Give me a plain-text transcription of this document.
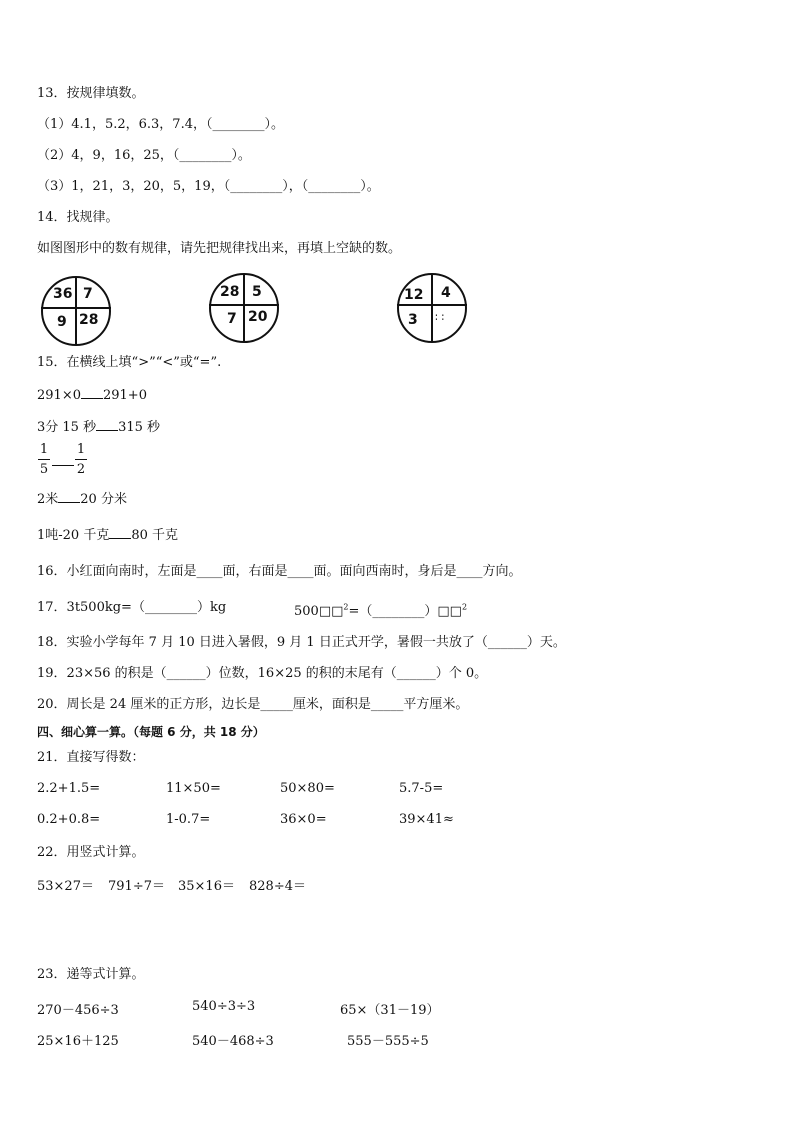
13．按规律填数。
（1）4.1，5.2，6.3，7.4，（________）。
（2）4，9，16，25，（________）。
（3）1，21，3，20，5，19，（________），（________）。
14．找规律。
如图图形中的数有规律，请先把规律找出来，再填上空缺的数。
36 7
9 28
28 5
7 20
12 4
3 ∶ ∶
15．在横线上填“>”“<”或“=”.
291×0 291+0
3分 15 秒 315 秒
1
5
1
2
2米 20 分米
1吨-20 千克 80 千克
16．小红面向南时，左面是____面，右面是____面。面向西南时，身后是____方向。
17．3t500kg=（________）kg	500□□$^2$=（________）□□$^2$
18．实验小学每年 7 月 10 日进入暑假，9 月 1 日正式开学，暑假一共放了（______）天。
19．23×56 的积是（______）位数，16×25 的积的末尾有（______）个 0。
20．周长是 24 厘米的正方形，边长是_____厘米，面积是_____平方厘米。
四、细心算一算。（每题 6 分，共 18 分）
21．直接写得数：
2.2+1.5=	11×50=	50×80=	5.7-5=
0.2+0.8=	1-0.7=	36×0=	39×41≈
22．用竖式计算。
53×27＝ 791÷7＝ 35×16＝ 828÷4＝
23．递等式计算。
270－456÷3	540÷3÷3	65×（31－19）
25×16＋125	540－468÷3	555－555÷5
